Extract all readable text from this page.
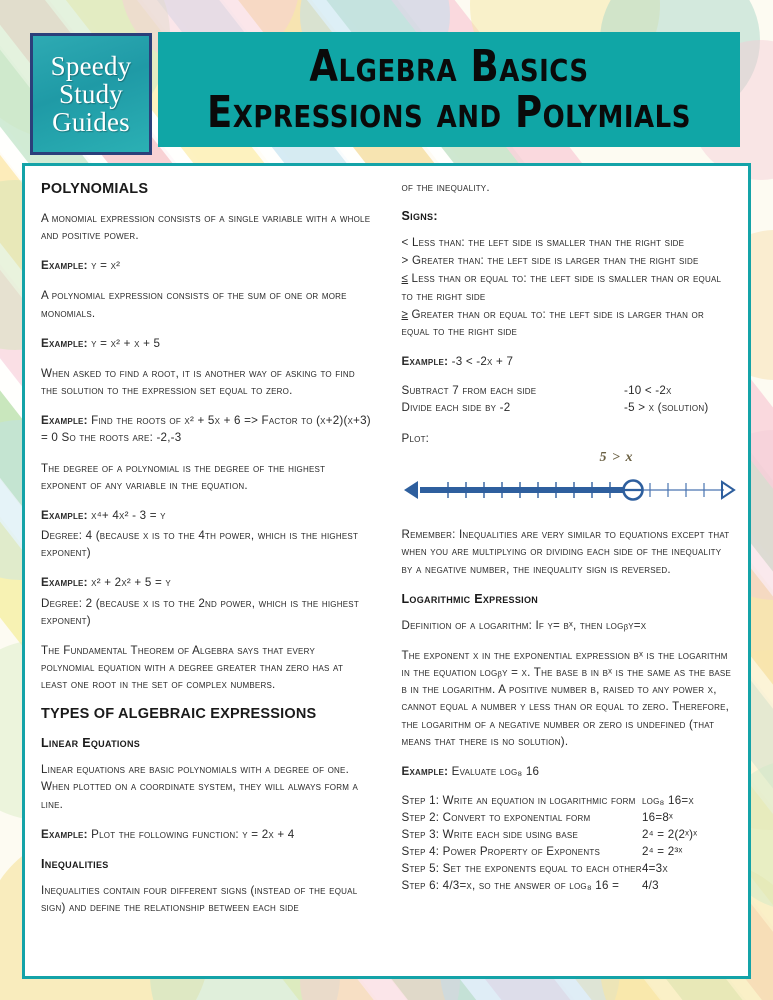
Speedy
Study
Guides
Algebra Basics
Expressions and Polymials
POLYNOMIALS

A monomial expression consists of a single variable with a whole and positive power.

Example: y = x²

A polynomial expression consists of the sum of one or more monomials.

Example: y = x² + x + 5

When asked to find a root, it is another way of asking to find the solution to the expression set equal to zero.

Example: Find the roots of x² + 5x + 6 => Factor to (x+2)(x+3) = 0 So the roots are: -2,-3

The degree of a polynomial is the degree of the highest exponent of any variable in the equation.

Example: x⁴+ 4x² - 3 = y

Degree: 4 (because x is to the 4th power, which is the highest exponent)

Example: x² + 2x² + 5 = y

Degree: 2 (because x is to the 2nd power, which is the highest exponent)

The Fundamental Theorem of Algebra says that every polynomial equation with a degree greater than zero has at least one root in the set of complex numbers.

TYPES OF ALGEBRAIC EXPRESSIONS
Linear Equations

Linear equations are basic polynomials with a degree of one. When plotted on a coordinate system, they will always form a line.

Example: Plot the following function: y = 2x + 4

Inequalities

Inequalities contain four different signs (instead of the equal sign) and define the relationship between each side

of the inequality.

Signs:

< Less than: the left side is smaller than the right side

> Greater than: the left side is larger than the right side

≤ Less than or equal to: the left side is smaller than or equal to the right side

≥ Greater than or equal to: the left side is larger than or equal to the right side

Example: -3 < -2x + 7

Subtract 7 from each side	-10 < -2x
Divide each side by -2	-5 > x (solution)

Plot:

5 > x

Remember: Inequalities are very similar to equations except that when you are multiplying or dividing each side of the inequality by a negative number, the inequality sign is reversed.

Logarithmic Expression

Definition of a logarithm: If y= bˣ, then logᵦy=x

The exponent x in the exponential expression bˣ is the logarithm in the equation logᵦy = x. The base b in bˣ is the same as the base b in the logarithm. A positive number b, raised to any power x, cannot equal a number y less than or equal to zero. Therefore, the logarithm of a negative number or zero is undefined (that means that there is no solution).

Example: Evaluate log₈ 16

Step 1: Write an equation in logarithmic form log₈ 16=x
Step 2: Convert to exponential form	16=8ˣ
Step 3: Write each side using base	2⁴ = 2(2ˣ)ˣ
Step 4: Power Property of Exponents	2⁴ = 2³ˣ
Step 5: Set the exponents equal to each other 4=3x
Step 6: 4/3=x, so the answer of log₈ 16 =	4/3
